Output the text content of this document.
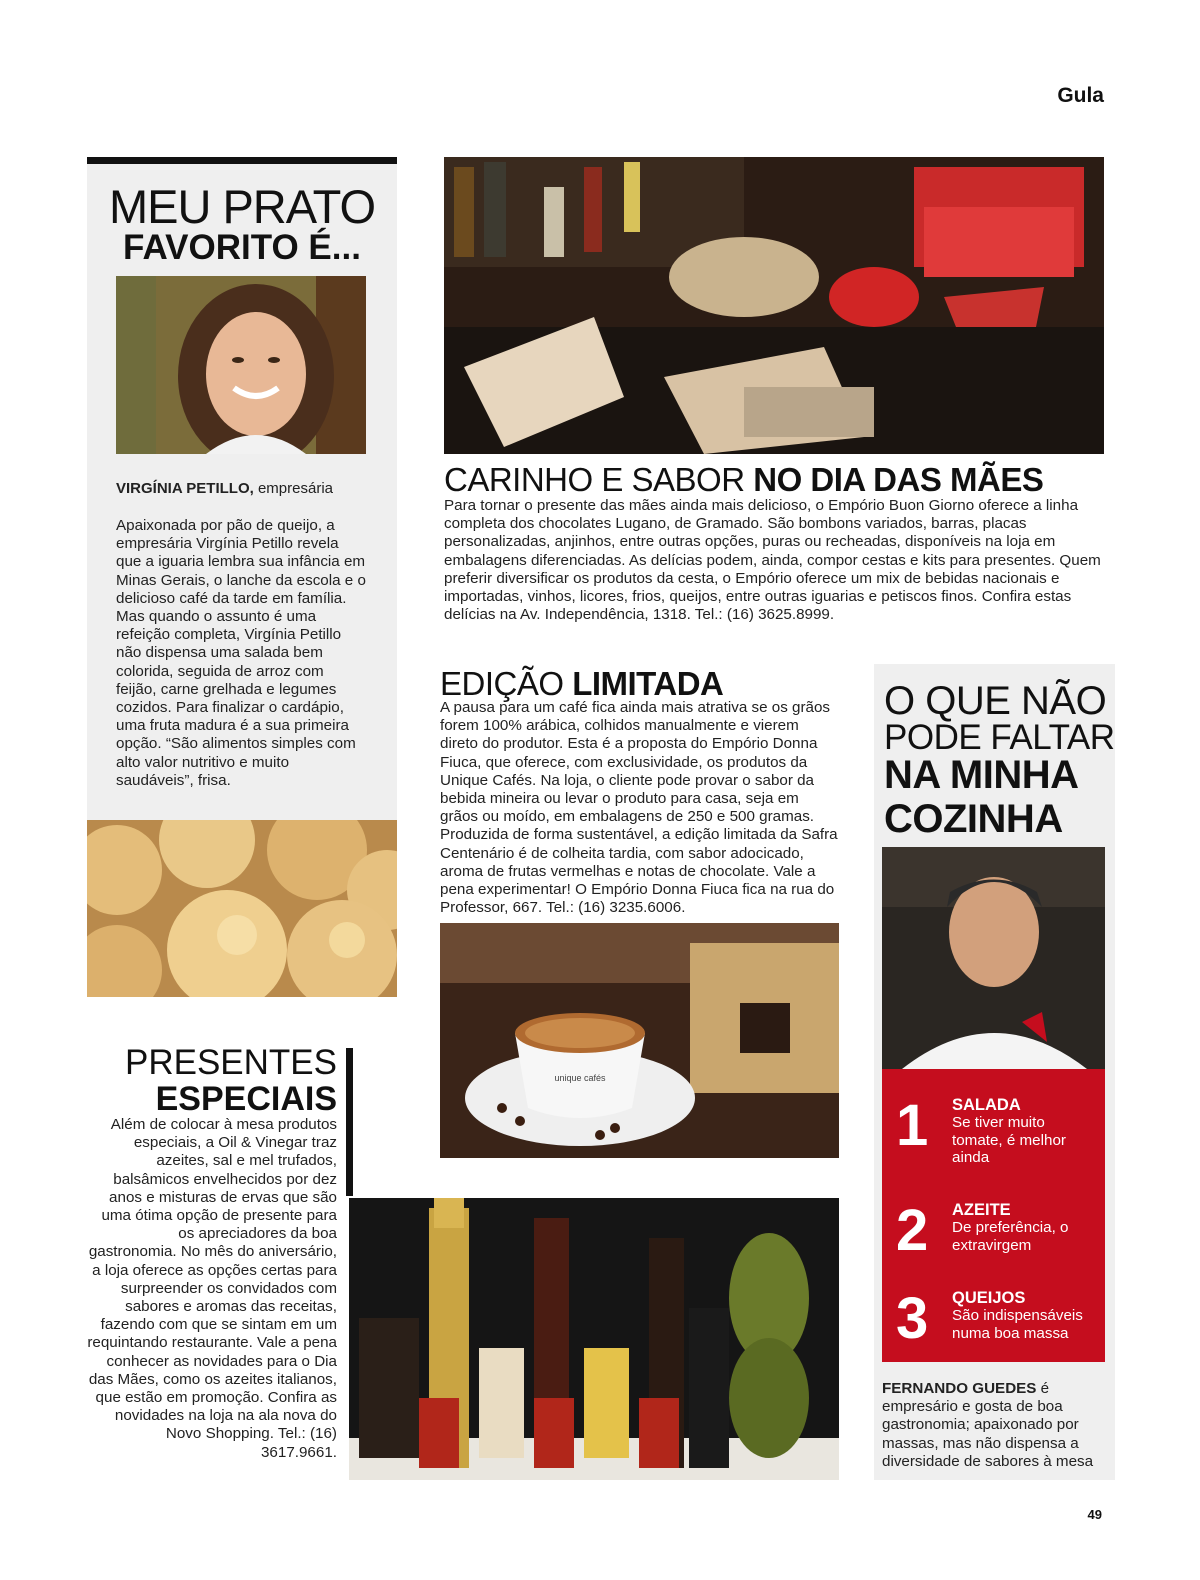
Gula
MEU PRATO
FAVORITO É...
VIRGÍNIA PETILLO, empresária
Apaixonada por pão de queijo, a empresária Virgínia Petillo revela que a iguaria lembra sua infância em Minas Gerais, o lanche da escola e o delicioso café da tarde em família. Mas quando o assunto é uma refeição completa, Virgínia Petillo não dispensa uma salada bem colorida, seguida de arroz com feijão, carne grelhada e legumes cozidos. Para finalizar o cardápio, uma fruta madura é a sua primeira opção. “São alimentos simples com alto valor nutritivo e muito saudáveis”, frisa.
CARINHO E SABOR NO DIA DAS MÃES
Para tornar o presente das mães ainda mais delicioso, o Empório Buon Giorno oferece a linha completa dos chocolates Lugano, de Gramado. São bombons variados, barras, placas personalizadas, anjinhos, entre outras opções, puras ou recheadas, disponíveis na loja em embalagens diferenciadas. As delícias podem, ainda, compor cestas e kits para presentes. Quem preferir diversificar os produtos da cesta, o Empório oferece um mix de bebidas nacionais e importadas, vinhos, licores, frios, queijos, entre outras iguarias e petiscos finos. Confira estas delícias na Av. Independência, 1318. Tel.: (16) 3625.8999.
EDIÇÃO LIMITADA
A pausa para um café fica ainda mais atrativa se os grãos forem 100% arábica, colhidos manualmente e vierem direto do produtor. Esta é a proposta do Empório Donna Fiuca, que oferece, com exclusividade, os produtos da Unique Cafés. Na loja, o cliente pode provar o sabor da bebida mineira ou levar o produto para casa, seja em grãos ou moído, em embalagens de 250 e 500 gramas. Produzida de forma sustentável, a edição limitada da Safra Centenário é de colheita tardia, com sabor adocicado, aroma de frutas vermelhas e notas de chocolate. Vale a pena experimentar! O Empório Donna Fiuca fica na rua do Professor, 667. Tel.: (16) 3235.6006.
unique cafés
PRESENTES
ESPECIAIS
Além de colocar à mesa produtos especiais, a Oil & Vinegar traz azeites, sal e mel trufados, balsâmicos envelhecidos por dez anos e misturas de ervas que são uma ótima opção de presente para os apreciadores da boa gastronomia. No mês do aniversário, a loja oferece as opções certas para surpreender os convidados com sabores e aromas das receitas, fazendo com que se sintam em um requintando restaurante. Vale a pena conhecer as novidades para o Dia das Mães, como os azeites italianos, que estão em promoção. Confira as novidades na loja na ala nova do Novo Shopping. Tel.: (16) 3617.9661.
O QUE NÃO
PODE FALTAR
NA MINHA COZINHA
1 SALADA
Se tiver muito tomate, é melhor ainda
2 AZEITE
De preferência, o extravirgem
3 QUEIJOS
São indispensáveis numa boa massa
FERNANDO GUEDES é empresário e gosta de boa gastronomia; apaixonado por massas, mas não dispensa a diversidade de sabores à mesa
49
